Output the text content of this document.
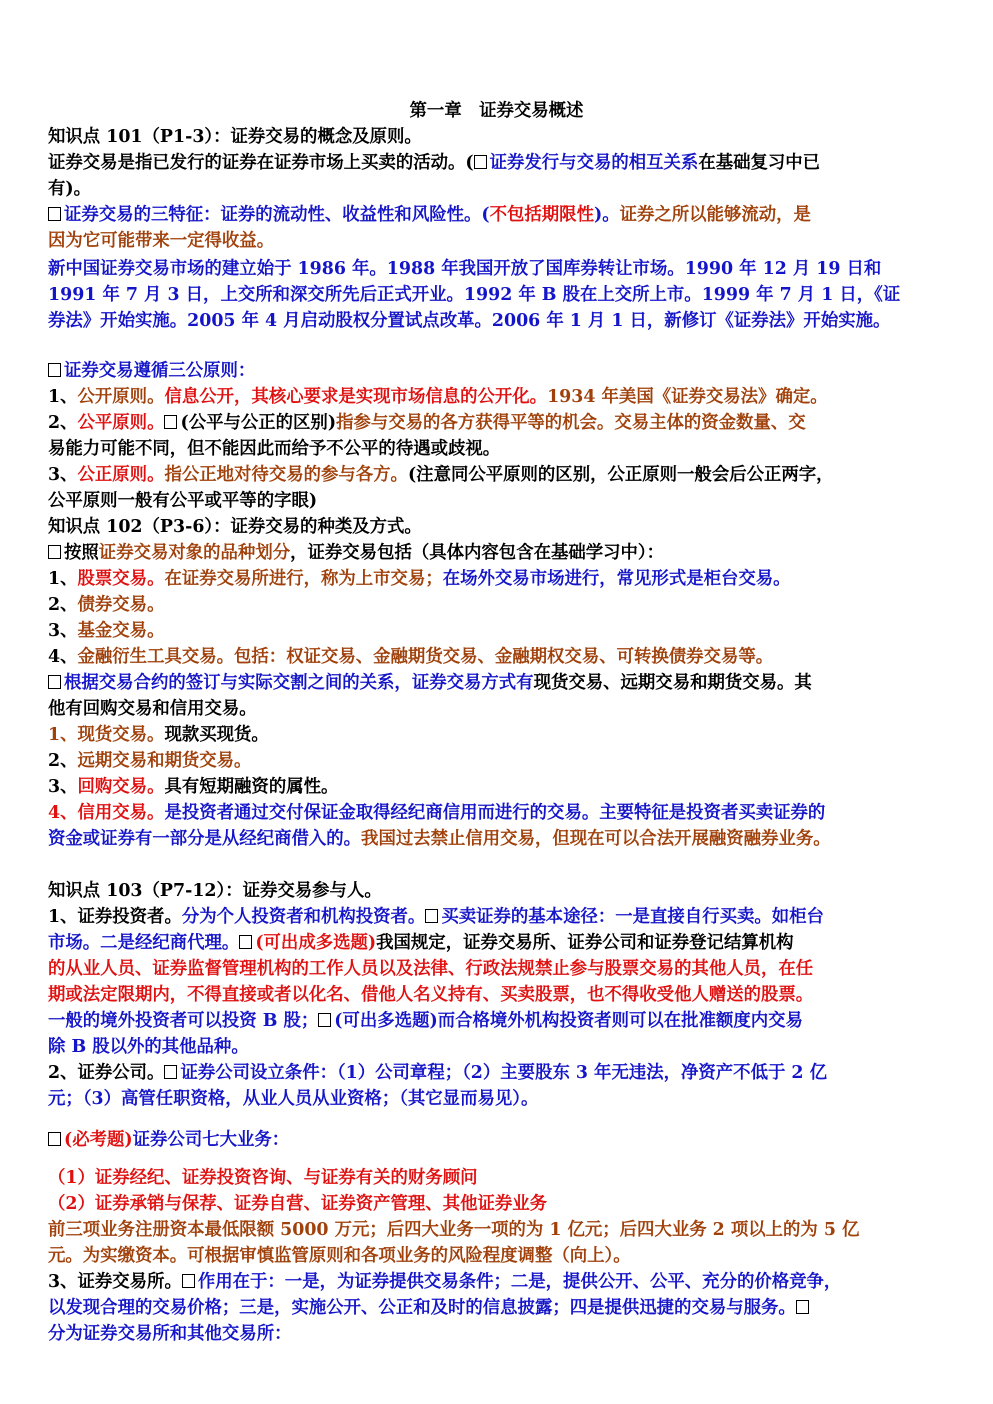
第一章　证券交易概述
知识点 101（P1-3）：证券交易的概念及原则。
证券交易是指已发行的证券在证券市场上买卖的活动。( 证券发行与交易的相互关系在基础复习中已
有)。
证券交易的三特征：证券的流动性、收益性和风险性。(不包括期限性)。证券之所以能够流动，是
因为它可能带来一定得收益。
新中国证券交易市场的建立始于 1986 年。1988 年我国开放了国库券转让市场。1990 年 12 月 19 日和
1991 年 7 月 3 日，上交所和深交所先后正式开业。1992 年 B 股在上交所上市。1999 年 7 月 1 日，《证
券法》开始实施。2005 年 4 月启动股权分置试点改革。2006 年 1 月 1 日，新修订《证券法》开始实施。
证券交易遵循三公原则：
1、公开原则。信息公开，其核心要求是实现市场信息的公开化。1934 年美国《证券交易法》确定。
2、公平原则。 (公平与公正的区别)指参与交易的各方获得平等的机会。交易主体的资金数量、交
易能力可能不同，但不能因此而给予不公平的待遇或歧视。
3、公正原则。指公正地对待交易的参与各方。(注意同公平原则的区别，公正原则一般会后公正两字，
公平原则一般有公平或平等的字眼)
知识点 102（P3-6）：证券交易的种类及方式。
按照证券交易对象的品种划分，证券交易包括（具体内容包含在基础学习中）：
1、股票交易。在证券交易所进行，称为上市交易；在场外交易市场进行，常见形式是柜台交易。
2、债券交易。
3、基金交易。
4、金融衍生工具交易。包括：权证交易、金融期货交易、金融期权交易、可转换债券交易等。
根据交易合约的签订与实际交割之间的关系，证券交易方式有现货交易、远期交易和期货交易。其
他有回购交易和信用交易。
1、现货交易。现款买现货。
2、远期交易和期货交易。
3、回购交易。具有短期融资的属性。
4、信用交易。是投资者通过交付保证金取得经纪商信用而进行的交易。主要特征是投资者买卖证券的
资金或证券有一部分是从经纪商借入的。我国过去禁止信用交易，但现在可以合法开展融资融券业务。
知识点 103（P7-12）：证券交易参与人。
1、证券投资者。分为个人投资者和机构投资者。 买卖证券的基本途径：一是直接自行买卖。如柜台
市场。二是经纪商代理。 (可出成多选题)我国规定，证券交易所、证券公司和证券登记结算机构
的从业人员、证券监督管理机构的工作人员以及法律、行政法规禁止参与股票交易的其他人员，在任
期或法定限期内，不得直接或者以化名、借他人名义持有、买卖股票，也不得收受他人赠送的股票。
一般的境外投资者可以投资 B 股； (可出多选题)而合格境外机构投资者则可以在批准额度内交易
除 B 股以外的其他品种。
2、证券公司。 证券公司设立条件：（1）公司章程；（2）主要股东 3 年无违法，净资产不低于 2 亿
元；（3）高管任职资格，从业人员从业资格；（其它显而易见）。
(必考题)证券公司七大业务：
（1）证券经纪、证券投资咨询、与证券有关的财务顾问
（2）证券承销与保荐、证券自营、证券资产管理、其他证券业务
前三项业务注册资本最低限额 5000 万元；后四大业务一项的为 1 亿元；后四大业务 2 项以上的为 5 亿
元。为实缴资本。可根据审慎监管原则和各项业务的风险程度调整（向上）。
3、证券交易所。 作用在于：一是，为证券提供交易条件；二是，提供公开、公平、充分的价格竞争，
以发现合理的交易价格；三是，实施公开、公正和及时的信息披露；四是提供迅捷的交易与服务。
分为证券交易所和其他交易所：
